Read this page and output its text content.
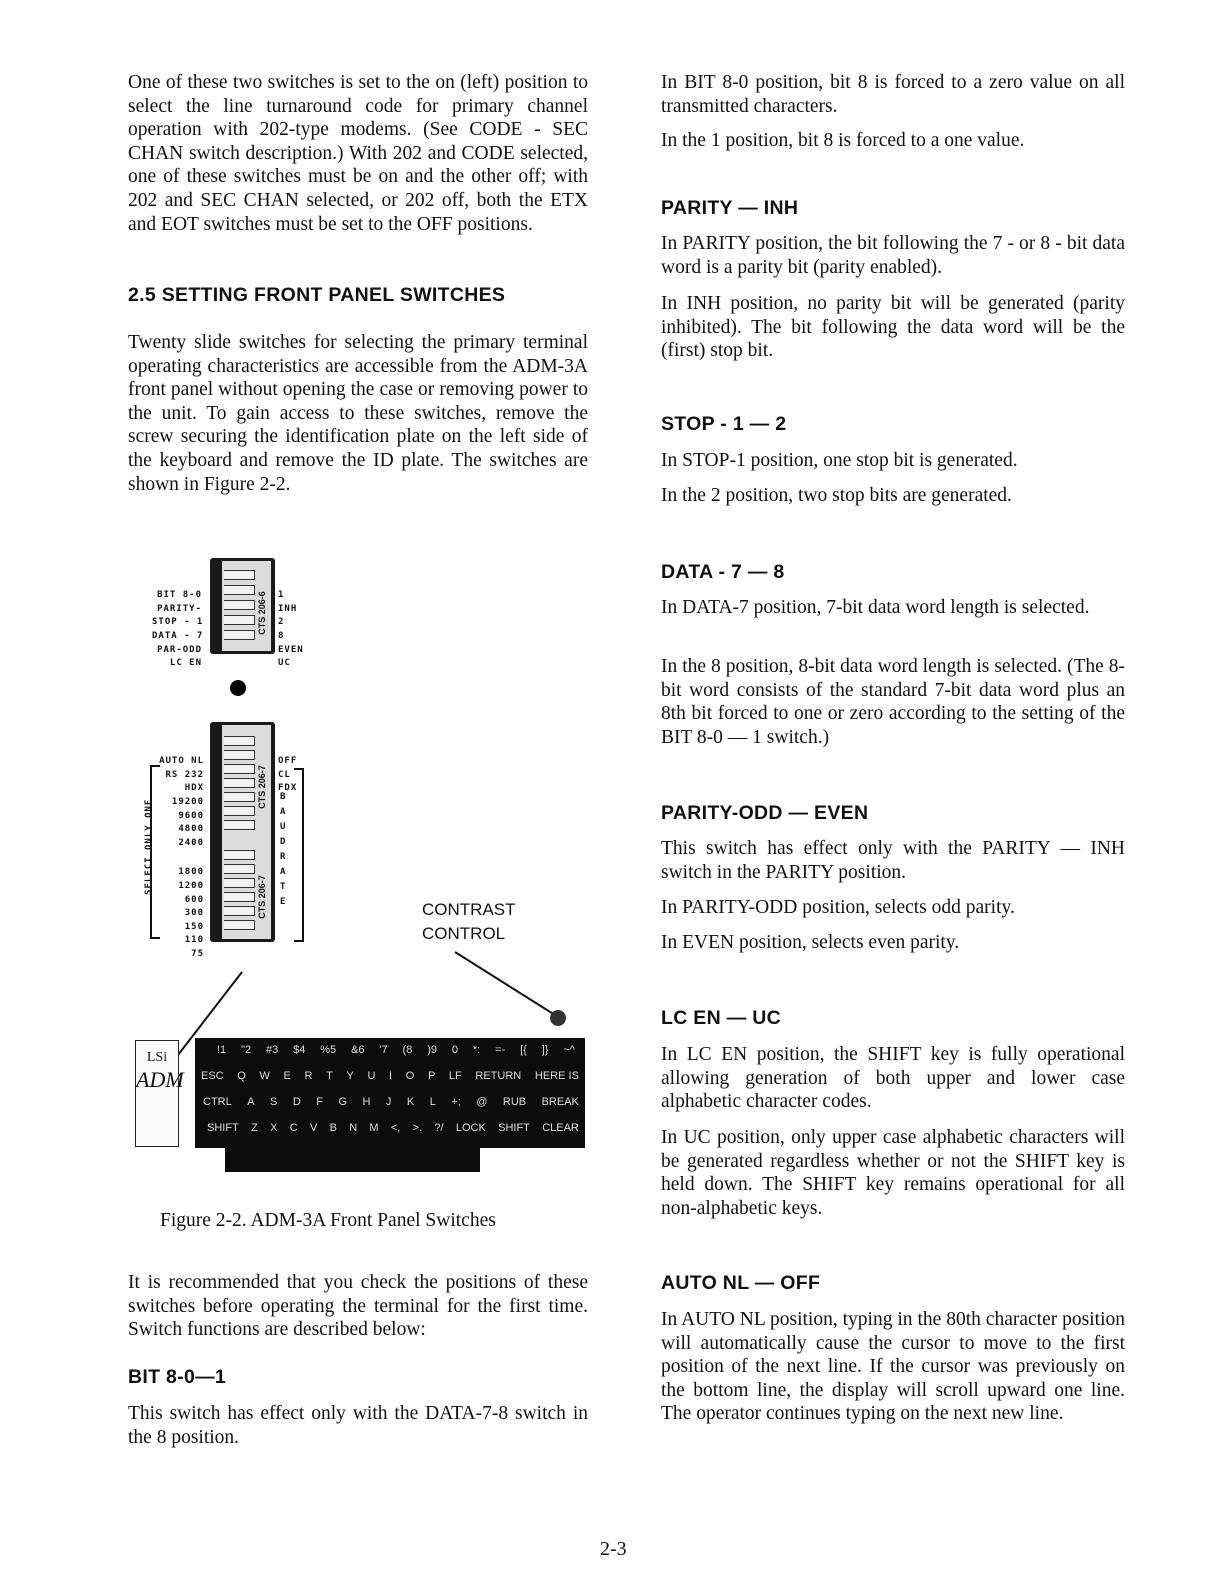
One of these two switches is set to the on (left) position to select the line turnaround code for primary channel operation with 202-type modems. (See CODE - SEC CHAN switch description.) With 202 and CODE selected, one of these switches must be on and the other off; with 202 and SEC CHAN selected, or 202 off, both the ETX and EOT switches must be set to the OFF positions.

2.5 SETTING FRONT PANEL SWITCHES

Twenty slide switches for selecting the primary terminal operating characteristics are accessible from the ADM-3A front panel without opening the case or removing power to the unit. To gain access to these switches, remove the screw securing the identification plate on the left side of the keyboard and remove the ID plate. The switches are shown in Figure 2-2.

BIT 8-0
PARITY-
STOP - 1
DATA - 7
PAR-ODD
LC EN

CTS 206-6

1
INH
2
8
EVEN
UC

AUTO NL
RS 232
HDX
19200
9600
4800
2400
1800
1200
600
300
150
110
75

SELECT ONLY ONE
CTS 206-7
CTS 206-7

OFF
CL
FDX

BAUD RATE	CONTRAST
CONTROL
LSi
ADM
!1 "2 #3 $4 %5 &6 '7 (8 )9 0 *: =- [{ ]} ~^
ESC Q W E R T Y U I O P LF RETURN HERE IS
CTRL A S D F G H J K L +; @ RUB BREAK
SHIFT Z X C V B N M <, >. ?/ LOCK SHIFT CLEAR

Figure 2-2. ADM-3A Front Panel Switches

It is recommended that you check the positions of these switches before operating the terminal for the first time. Switch functions are described below:

BIT 8-0—1

This switch has effect only with the DATA-7-8 switch in the 8 position.

In BIT 8-0 position, bit 8 is forced to a zero value on all transmitted characters.

In the 1 position, bit 8 is forced to a one value.

PARITY — INH

In PARITY position, the bit following the 7 - or 8 - bit data word is a parity bit (parity enabled).

In INH position, no parity bit will be generated (parity inhibited). The bit following the data word will be the (first) stop bit.

STOP - 1 — 2

In STOP-1 position, one stop bit is generated.

In the 2 position, two stop bits are generated.

DATA - 7 — 8

In DATA-7 position, 7-bit data word length is selected.

In the 8 position, 8-bit data word length is selected. (The 8-bit word consists of the standard 7-bit data word plus an 8th bit forced to one or zero according to the setting of the BIT 8-0 — 1 switch.)

PARITY-ODD — EVEN

This switch has effect only with the PARITY — INH switch in the PARITY position.

In PARITY-ODD position, selects odd parity.

In EVEN position, selects even parity.

LC EN — UC

In LC EN position, the SHIFT key is fully operational allowing generation of both upper and lower case alphabetic character codes.

In UC position, only upper case alphabetic characters will be generated regardless whether or not the SHIFT key is held down. The SHIFT key remains operational for all non-alphabetic keys.

AUTO NL — OFF

In AUTO NL position, typing in the 80th character position will automatically cause the cursor to move to the first position of the next line. If the cursor was previously on the bottom line, the display will scroll upward one line. The operator continues typing on the next new line.

2-3
